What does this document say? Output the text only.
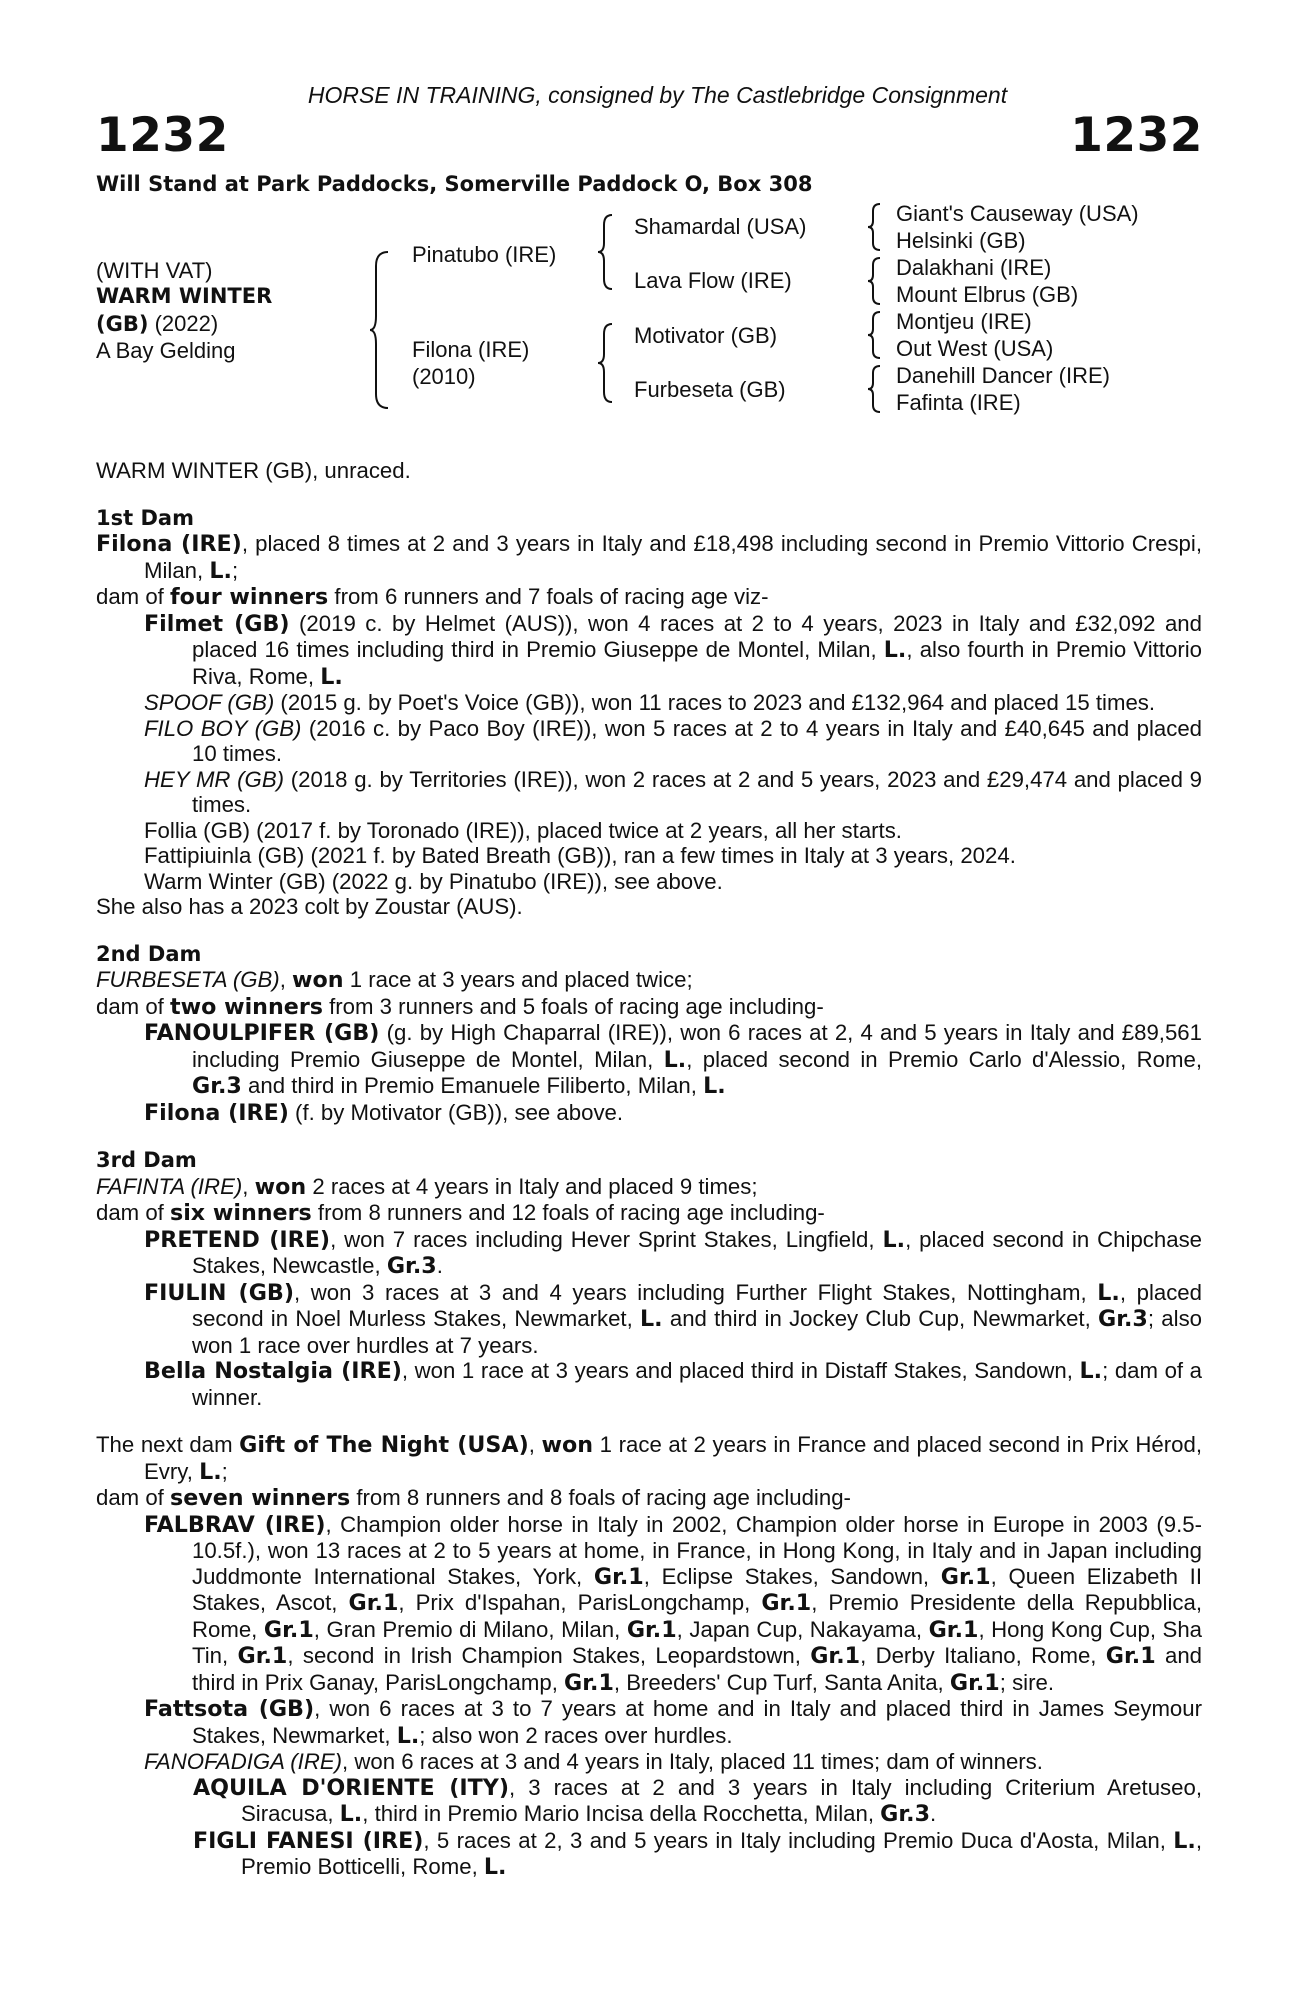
HORSE IN TRAINING, consigned by The Castlebridge Consignment
1232	1232
Will Stand at Park Paddocks, Somerville Paddock O, Box 308
(WITH VAT)
WARM WINTER
(GB) (2022)
A Bay Gelding
Pinatubo (IRE)
Filona (IRE)
(2010)
Shamardal (USA)
Lava Flow (IRE)
Motivator (GB)
Furbeseta (GB)
Giant's Causeway (USA)
Helsinki (GB)
Dalakhani (IRE)
Mount Elbrus (GB)
Montjeu (IRE)
Out West (USA)
Danehill Dancer (IRE)
Fafinta (IRE)
WARM WINTER (GB), unraced.
1st Dam
Filona (IRE), placed 8 times at 2 and 3 years in Italy and £18,498 including second in Premio Vittorio Crespi, Milan, L.;
dam of four winners from 6 runners and 7 foals of racing age viz-
Filmet (GB) (2019 c. by Helmet (AUS)), won 4 races at 2 to 4 years, 2023 in Italy and £32,092 and placed 16 times including third in Premio Giuseppe de Montel, Milan, L., also fourth in Premio Vittorio Riva, Rome, L.
SPOOF (GB) (2015 g. by Poet's Voice (GB)), won 11 races to 2023 and £132,964 and placed 15 times.
FILO BOY (GB) (2016 c. by Paco Boy (IRE)), won 5 races at 2 to 4 years in Italy and £40,645 and placed 10 times.
HEY MR (GB) (2018 g. by Territories (IRE)), won 2 races at 2 and 5 years, 2023 and £29,474 and placed 9 times.
Follia (GB) (2017 f. by Toronado (IRE)), placed twice at 2 years, all her starts.
Fattipiuinla (GB) (2021 f. by Bated Breath (GB)), ran a few times in Italy at 3 years, 2024.
Warm Winter (GB) (2022 g. by Pinatubo (IRE)), see above.
She also has a 2023 colt by Zoustar (AUS).
2nd Dam
FURBESETA (GB), won 1 race at 3 years and placed twice;
dam of two winners from 3 runners and 5 foals of racing age including-
FANOULPIFER (GB) (g. by High Chaparral (IRE)), won 6 races at 2, 4 and 5 years in Italy and £89,561 including Premio Giuseppe de Montel, Milan, L., placed second in Premio Carlo d'Alessio, Rome, Gr.3 and third in Premio Emanuele Filiberto, Milan, L.
Filona (IRE) (f. by Motivator (GB)), see above.
3rd Dam
FAFINTA (IRE), won 2 races at 4 years in Italy and placed 9 times;
dam of six winners from 8 runners and 12 foals of racing age including-
PRETEND (IRE), won 7 races including Hever Sprint Stakes, Lingfield, L., placed second in Chipchase Stakes, Newcastle, Gr.3.
FIULIN (GB), won 3 races at 3 and 4 years including Further Flight Stakes, Nottingham, L., placed second in Noel Murless Stakes, Newmarket, L. and third in Jockey Club Cup, Newmarket, Gr.3; also won 1 race over hurdles at 7 years.
Bella Nostalgia (IRE), won 1 race at 3 years and placed third in Distaff Stakes, Sandown, L.; dam of a winner.
The next dam Gift of The Night (USA), won 1 race at 2 years in France and placed second in Prix Hérod, Evry, L.;
dam of seven winners from 8 runners and 8 foals of racing age including-
FALBRAV (IRE), Champion older horse in Italy in 2002, Champion older horse in Europe in 2003 (9.5-10.5f.), won 13 races at 2 to 5 years at home, in France, in Hong Kong, in Italy and in Japan including Juddmonte International Stakes, York, Gr.1, Eclipse Stakes, Sandown, Gr.1, Queen Elizabeth II Stakes, Ascot, Gr.1, Prix d'Ispahan, ParisLongchamp, Gr.1, Premio Presidente della Repubblica, Rome, Gr.1, Gran Premio di Milano, Milan, Gr.1, Japan Cup, Nakayama, Gr.1, Hong Kong Cup, Sha Tin, Gr.1, second in Irish Champion Stakes, Leopardstown, Gr.1, Derby Italiano, Rome, Gr.1 and third in Prix Ganay, ParisLongchamp, Gr.1, Breeders' Cup Turf, Santa Anita, Gr.1; sire.
Fattsota (GB), won 6 races at 3 to 7 years at home and in Italy and placed third in James Seymour Stakes, Newmarket, L.; also won 2 races over hurdles.
FANOFADIGA (IRE), won 6 races at 3 and 4 years in Italy, placed 11 times; dam of winners.
AQUILA D'ORIENTE (ITY), 3 races at 2 and 3 years in Italy including Criterium Aretuseo, Siracusa, L., third in Premio Mario Incisa della Rocchetta, Milan, Gr.3.
FIGLI FANESI (IRE), 5 races at 2, 3 and 5 years in Italy including Premio Duca d'Aosta, Milan, L., Premio Botticelli, Rome, L.
